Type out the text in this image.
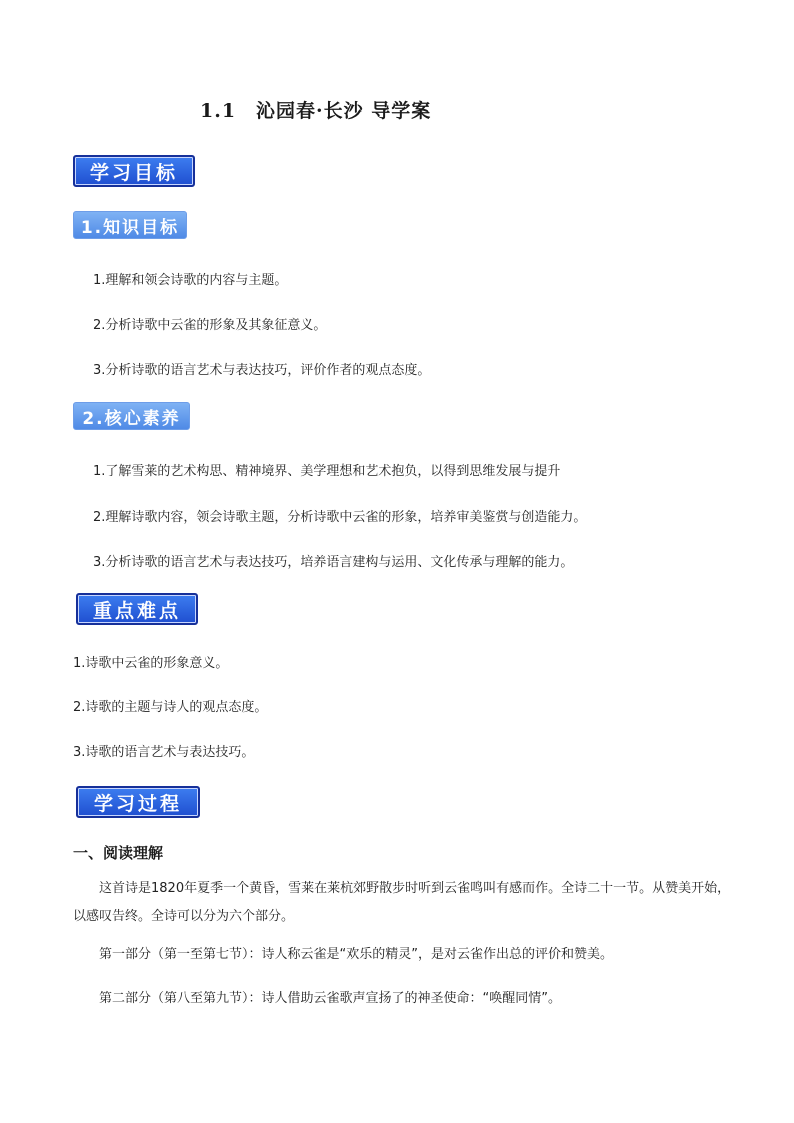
1.1　沁园春·长沙 导学案
学习目标
1.知识目标
1.理解和领会诗歌的内容与主题。
2.分析诗歌中云雀的形象及其象征意义。
3.分析诗歌的语言艺术与表达技巧，评价作者的观点态度。
2.核心素养
1.了解雪莱的艺术构思、精神境界、美学理想和艺术抱负，以得到思维发展与提升
2.理解诗歌内容，领会诗歌主题，分析诗歌中云雀的形象，培养审美鉴赏与创造能力。
3.分析诗歌的语言艺术与表达技巧，培养语言建构与运用、文化传承与理解的能力。
重点难点
1.诗歌中云雀的形象意义。
2.诗歌的主题与诗人的观点态度。
3.诗歌的语言艺术与表达技巧。
学习过程
一、阅读理解

这首诗是1820年夏季一个黄昏，雪莱在莱杭郊野散步时听到云雀鸣叫有感而作。全诗二十一节。从赞美开始，以感叹告终。全诗可以分为六个部分。

第一部分（第一至第七节）：诗人称云雀是“欢乐的精灵”，是对云雀作出总的评价和赞美。

第二部分（第八至第九节）：诗人借助云雀歌声宣扬了的神圣使命：“唤醒同情”。
